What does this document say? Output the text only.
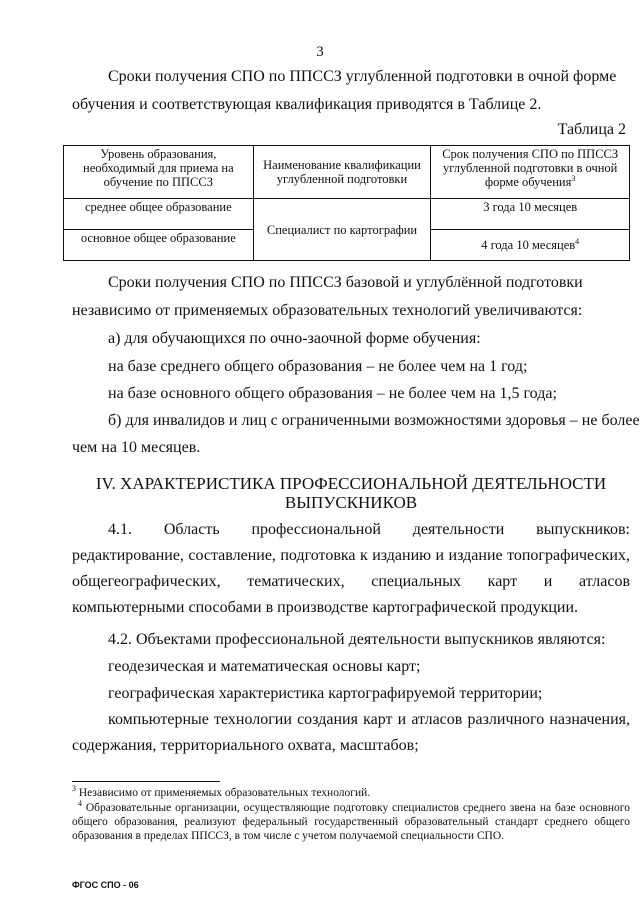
3
Сроки получения СПО по ППССЗ углубленной подготовки в очной форме
обучения и соответствующая квалификация приводятся в Таблице 2.
Таблица 2
Уровень образования, необходимый для приема на обучение по ППССЗ	Наименование квалификации углубленной подготовки	Срок получения СПО по ППССЗ углубленной подготовки в очной форме обучения$^3$
среднее общее образование	Специалист по картографии	3 года 10 месяцев
основное общее образование		4 года 10 месяцев$^4$
Сроки получения СПО по ППССЗ базовой и углублённой подготовки
независимо от применяемых образовательных технологий увеличиваются:
а) для обучающихся по очно-заочной форме обучения:
на базе среднего общего образования – не более чем на 1 год;
на базе основного общего образования – не более чем на 1,5 года;
б) для инвалидов и лиц с ограниченными возможностями здоровья – не более
чем на 10 месяцев.
IV. ХАРАКТЕРИСТИКА ПРОФЕССИОНАЛЬНОЙ ДЕЯТЕЛЬНОСТИ
ВЫПУСКНИКОВ
4.1. Область профессиональной деятельности выпускников: редактирование, составление, подготовка к изданию и издание топографических, общегеографических, тематических, специальных карт и атласов компьютерными способами в производстве картографической продукции.
4.2. Объектами профессиональной деятельности выпускников являются:
геодезическая и математическая основы карт;
географическая характеристика картографируемой территории;
компьютерные технологии создания карт и атласов различного назначения, содержания, территориального охвата, масштабов;
$^3$ Независимо от применяемых образовательных технологий.
$^4$ Образовательные организации, осуществляющие подготовку специалистов среднего звена на базе основного общего образования, реализуют федеральный государственный образовательный стандарт среднего общего образования в пределах ППССЗ, в том числе с учетом получаемой специальности СПО.
ФГОС СПО - 06
